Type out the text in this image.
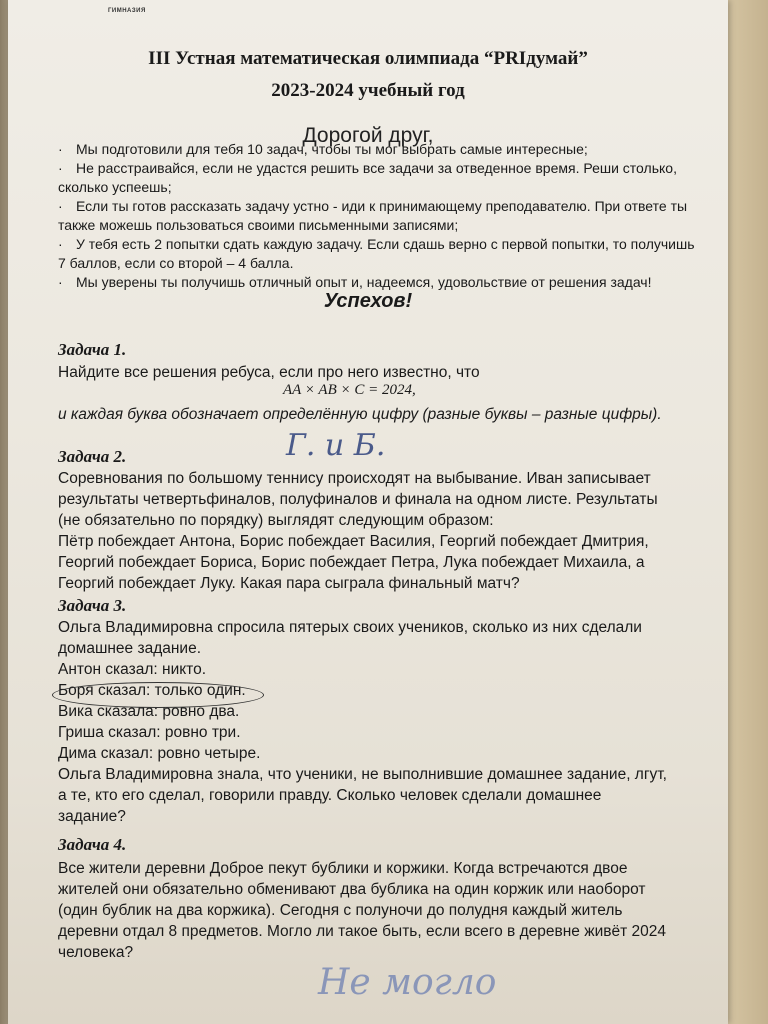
ГИМНАЗИЯ
III Устная математическая олимпиада “PRIдумай”
2023-2024 учебный год
Дорогой друг,

· Мы подготовили для тебя 10 задач, чтобы ты мог выбрать самые интересные;

· Не расстраивайся, если не удастся решить все задачи за отведенное время. Реши столько, сколько успеешь;

· Если ты готов рассказать задачу устно - иди к принимающему преподавателю. При ответе ты также можешь пользоваться своими письменными записями;

· У тебя есть 2 попытки сдать каждую задачу. Если сдашь верно с первой попытки, то получишь 7 баллов, если со второй – 4 балла.

· Мы уверены ты получишь отличный опыт и, надеемся, удовольствие от решения задач!

Успехов!
Задача 1.
Найдите все решения ребуса, если про него известно, что
AA × AB × C = 2024,
и каждая буква обозначает определённую цифру (разные буквы – разные цифры).
Г. и Б.
Задача 2.

Соревнования по большому теннису происходят на выбывание. Иван записывает результаты четвертьфиналов, полуфиналов и финала на одном листе. Результаты (не обязательно по порядку) выглядят следующим образом:

Пётр побеждает Антона, Борис побеждает Василия, Георгий побеждает Дмитрия, Георгий побеждает Бориса, Борис побеждает Петра, Лука побеждает Михаила, а Георгий побеждает Луку. Какая пара сыграла финальный матч?

Задача 3.

Ольга Владимировна спросила пятерых своих учеников, сколько из них сделали домашнее задание.

Антон сказал: никто.

Боря сказал: только один.

Вика сказала: ровно два.

Гриша сказал: ровно три.

Дима сказал: ровно четыре.

Ольга Владимировна знала, что ученики, не выполнившие домашнее задание, лгут, а те, кто его сделал, говорили правду. Сколько человек сделали домашнее задание?

Задача 4.
Все жители деревни Доброе пекут бублики и коржики. Когда встречаются двое жителей они обязательно обменивают два бублика на один коржик или наоборот (один бублик на два коржика). Сегодня с полуночи до полудня каждый житель деревни отдал 8 предметов. Могло ли такое быть, если всего в деревне живёт 2024 человека?
Не могло
